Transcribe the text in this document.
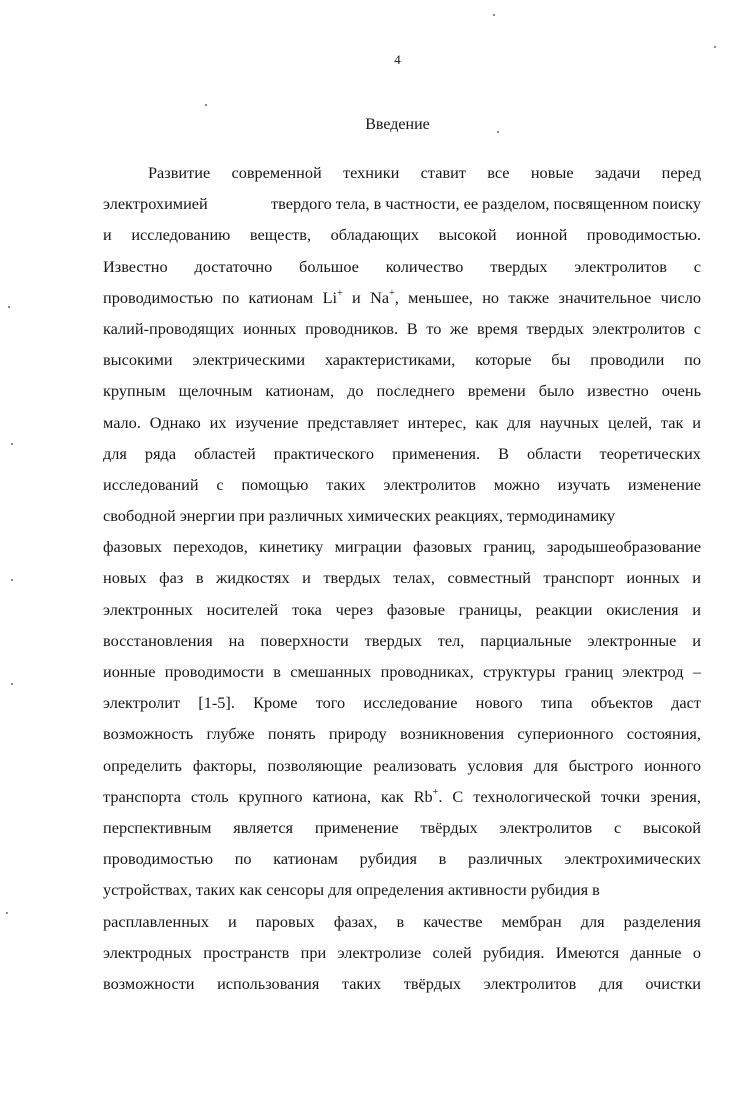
4
Введение
Развитие современной техники ставит все новые задачи перед
электрохимией	твердого тела, в частности, ее разделом, посвященном поиску
и исследованию веществ, обладающих высокой ионной проводимостью.
Известно достаточно большое количество твердых электролитов с
проводимостью по катионам Li+ и Na+, меньшее, но также значительное число
калий-проводящих ионных проводников. В то же время твердых электролитов с
высокими электрическими характеристиками, которые бы проводили по
крупным щелочным катионам, до последнего времени было известно очень
мало. Однако их изучение представляет интерес, как для научных целей, так и
для ряда областей практического применения. В области теоретических
исследований с помощью таких электролитов можно изучать изменение
свободной энергии при различных химических реакциях, термодинамику
фазовых переходов, кинетику миграции фазовых границ, зародышеобразование
новых фаз в жидкостях и твердых телах, совместный транспорт ионных и
электронных носителей тока через фазовые границы, реакции окисления и
восстановления на поверхности твердых тел, парциальные электронные и
ионные проводимости в смешанных проводниках, структуры границ электрод –
электролит [1-5]. Кроме того исследование нового типа объектов даст
возможность глубже понять природу возникновения суперионного состояния,
определить факторы, позволяющие реализовать условия для быстрого ионного
транспорта столь крупного катиона, как Rb+. С технологической точки зрения,
перспективным является применение твёрдых электролитов с высокой
проводимостью по катионам рубидия в различных электрохимических
устройствах, таких как сенсоры для определения активности рубидия в
расплавленных и паровых фазах, в качестве мембран для разделения
электродных пространств при электролизе солей рубидия. Имеются данные о
возможности использования таких твёрдых электролитов для очистки
